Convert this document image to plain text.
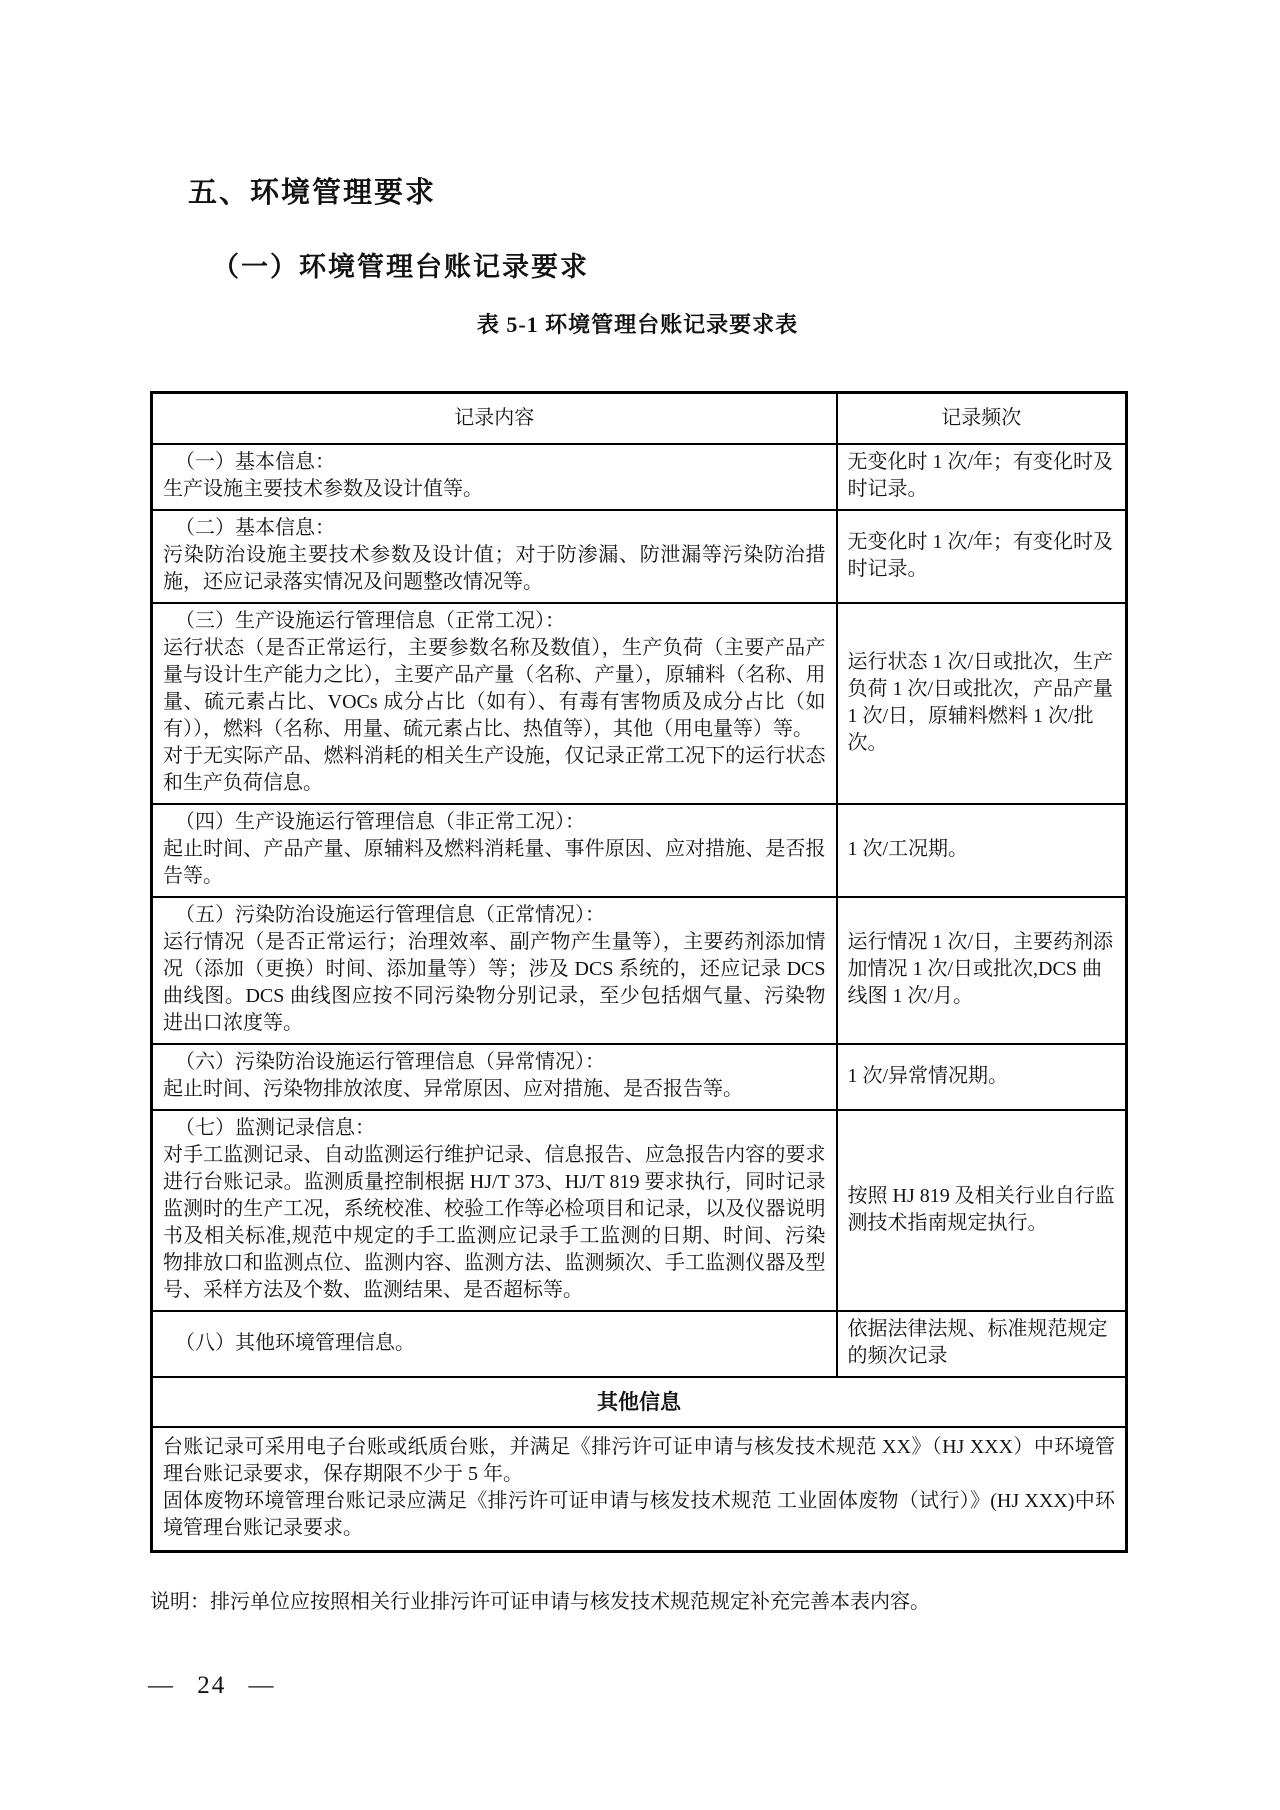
五、环境管理要求
（一）环境管理台账记录要求
表 5-1 环境管理台账记录要求表
记录内容	记录频次

（一）基本信息：
生产设施主要技术参数及设计值等。	无变化时 1 次/年；有变化时及时记录。

（二）基本信息：
污染防治设施主要技术参数及设计值；对于防渗漏、防泄漏等污染防治措施，还应记录落实情况及问题整改情况等。	无变化时 1 次/年；有变化时及时记录。

（三）生产设施运行管理信息（正常工况）：
运行状态（是否正常运行，主要参数名称及数值），生产负荷（主要产品产量与设计生产能力之比），主要产品产量（名称、产量），原辅料（名称、用量、硫元素占比、VOCs 成分占比（如有）、有毒有害物质及成分占比（如有）），燃料（名称、用量、硫元素占比、热值等），其他（用电量等）等。
对于无实际产品、燃料消耗的相关生产设施，仅记录正常工况下的运行状态和生产负荷信息。	运行状态 1 次/日或批次，生产负荷 1 次/日或批次，产品产量 1 次/日，原辅料燃料 1 次/批次。

（四）生产设施运行管理信息（非正常工况）：
起止时间、产品产量、原辅料及燃料消耗量、事件原因、应对措施、是否报告等。	1 次/工况期。

（五）污染防治设施运行管理信息（正常情况）：
运行情况（是否正常运行；治理效率、副产物产生量等），主要药剂添加情况（添加（更换）时间、添加量等）等；涉及 DCS 系统的，还应记录 DCS 曲线图。DCS 曲线图应按不同污染物分别记录，至少包括烟气量、污染物进出口浓度等。	运行情况 1 次/日，主要药剂添加情况 1 次/日或批次,DCS 曲线图 1 次/月。

（六）污染防治设施运行管理信息（异常情况）：
起止时间、污染物排放浓度、异常原因、应对措施、是否报告等。	1 次/异常情况期。

（七）监测记录信息：
对手工监测记录、自动监测运行维护记录、信息报告、应急报告内容的要求进行台账记录。监测质量控制根据 HJ/T 373、HJ/T 819 要求执行，同时记录监测时的生产工况，系统校准、校验工作等必检项目和记录，以及仪器说明书及相关标准,规范中规定的手工监测应记录手工监测的日期、时间、污染物排放口和监测点位、监测内容、监测方法、监测频次、手工监测仪器及型号、采样方法及个数、监测结果、是否超标等。	按照 HJ 819 及相关行业自行监测技术指南规定执行。

（八）其他环境管理信息。	依据法律法规、标准规范规定的频次记录
其他信息	

台账记录可采用电子台账或纸质台账，并满足《排污许可证申请与核发技术规范 XX》（HJ XXX）中环境管理台账记录要求，保存期限不少于 5 年。
固体废物环境管理台账记录应满足《排污许可证申请与核发技术规范 工业固体废物（试行）》(HJ XXX)中环境管理台账记录要求。	

说明：排污单位应按照相关行业排污许可证申请与核发技术规范规定补充完善本表内容。

— 24 —
